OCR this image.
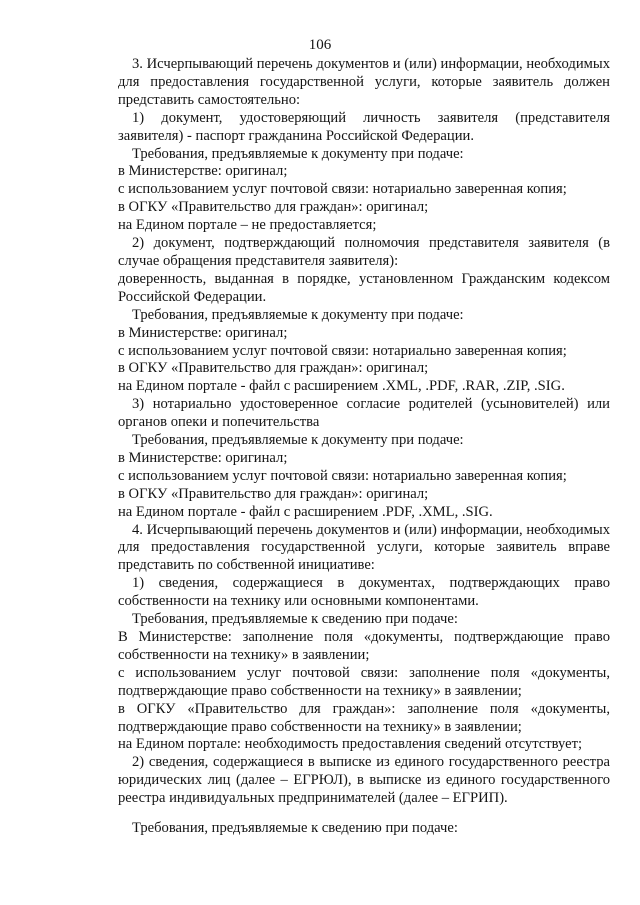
106

3. Исчерпывающий перечень документов и (или) информации, необходимых для предоставления государственной услуги, которые заявитель должен представить самостоятельно:

1) документ, удостоверяющий личность заявителя (представителя заявителя) - паспорт гражданина Российской Федерации.

Требования, предъявляемые к документу при подаче:

в Министерстве: оригинал;

с использованием услуг почтовой связи: нотариально заверенная копия;

в ОГКУ «Правительство для граждан»: оригинал;

на Едином портале – не предоставляется;

2) документ, подтверждающий полномочия представителя заявителя (в случае обращения представителя заявителя):

доверенность, выданная в порядке, установленном Гражданским кодексом Российской Федерации.

Требования, предъявляемые к документу при подаче:

в Министерстве: оригинал;

с использованием услуг почтовой связи: нотариально заверенная копия;

в ОГКУ «Правительство для граждан»: оригинал;

на Едином портале - файл с расширением .XML, .PDF, .RAR, .ZIP, .SIG.

3) нотариально удостоверенное согласие родителей (усыновителей) или органов опеки и попечительства

Требования, предъявляемые к документу при подаче:

в Министерстве: оригинал;

с использованием услуг почтовой связи: нотариально заверенная копия;

в ОГКУ «Правительство для граждан»: оригинал;

на Едином портале - файл с расширением .PDF, .XML, .SIG.

4. Исчерпывающий перечень документов и (или) информации, необходимых для предоставления государственной услуги, которые заявитель вправе представить по собственной инициативе:

1) сведения, содержащиеся в документах, подтверждающих право собственности на технику или основными компонентами.

Требования, предъявляемые к сведению при подаче:

В Министерстве: заполнение поля «документы, подтверждающие право собственности на технику» в заявлении;

с использованием услуг почтовой связи: заполнение поля «документы, подтверждающие право собственности на технику» в заявлении;

в ОГКУ «Правительство для граждан»: заполнение поля «документы, подтверждающие право собственности на технику» в заявлении;

на Едином портале: необходимость предоставления сведений отсутствует;

2) сведения, содержащиеся в выписке из единого государственного реестра юридических лиц (далее – ЕГРЮЛ), в выписке из единого государственного реестра индивидуальных предпринимателей (далее – ЕГРИП).

Требования, предъявляемые к сведению при подаче:
